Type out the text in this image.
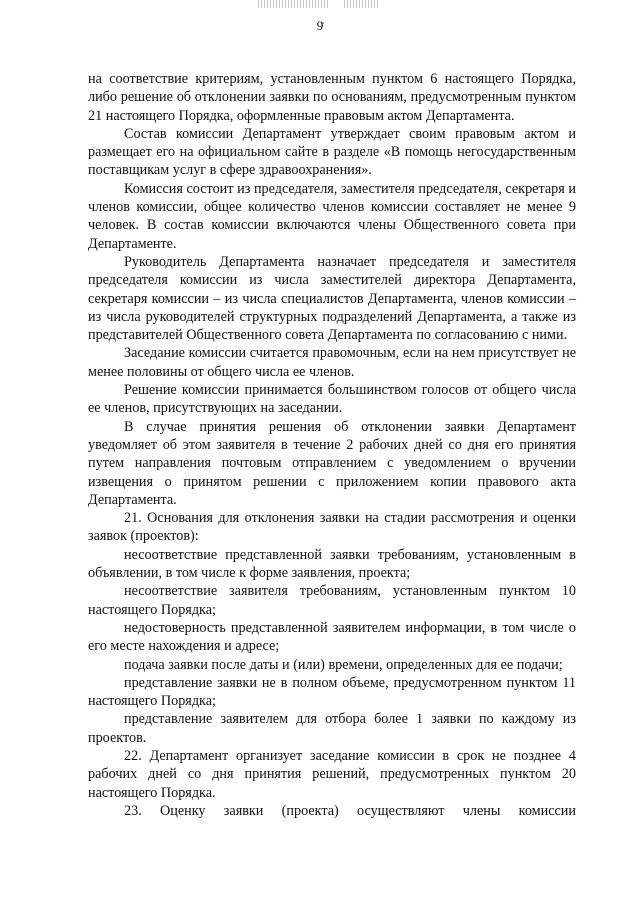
9

на соответствие критериям, установленным пунктом 6 настоящего Порядка, либо решение об отклонении заявки по основаниям, предусмотренным пунктом 21 настоящего Порядка, оформленные правовым актом Департамента.

Состав комиссии Департамент утверждает своим правовым актом и размещает его на официальном сайте в разделе «В помощь негосударственным поставщикам услуг в сфере здравоохранения».

Комиссия состоит из председателя, заместителя председателя, секретаря и членов комиссии, общее количество членов комиссии составляет не менее 9 человек. В состав комиссии включаются члены Общественного совета при Департаменте.

Руководитель Департамента назначает председателя и заместителя председателя комиссии из числа заместителей директора Департамента, секретаря комиссии – из числа специалистов Департамента, членов комиссии – из числа руководителей структурных подразделений Департамента, а также из представителей Общественного совета Департамента по согласованию с ними.

Заседание комиссии считается правомочным, если на нем присутствует не менее половины от общего числа ее членов.

Решение комиссии принимается большинством голосов от общего числа ее членов, присутствующих на заседании.

В случае принятия решения об отклонении заявки Департамент уведомляет об этом заявителя в течение 2 рабочих дней со дня его принятия путем направления почтовым отправлением с уведомлением о вручении извещения о принятом решении с приложением копии правового акта Департамента.

21. Основания для отклонения заявки на стадии рассмотрения и оценки заявок (проектов):

несоответствие представленной заявки требованиям, установленным в объявлении, в том числе к форме заявления, проекта;

несоответствие заявителя требованиям, установленным пунктом 10 настоящего Порядка;

недостоверность представленной заявителем информации, в том числе о его месте нахождения и адресе;

подача заявки после даты и (или) времени, определенных для ее подачи;

представление заявки не в полном объеме, предусмотренном пунктом 11 настоящего Порядка;

представление заявителем для отбора более 1 заявки по каждому из проектов.

22. Департамент организует заседание комиссии в срок не позднее 4 рабочих дней со дня принятия решений, предусмотренных пунктом 20 настоящего Порядка.

23. Оценку заявки (проекта) осуществляют члены комиссии
